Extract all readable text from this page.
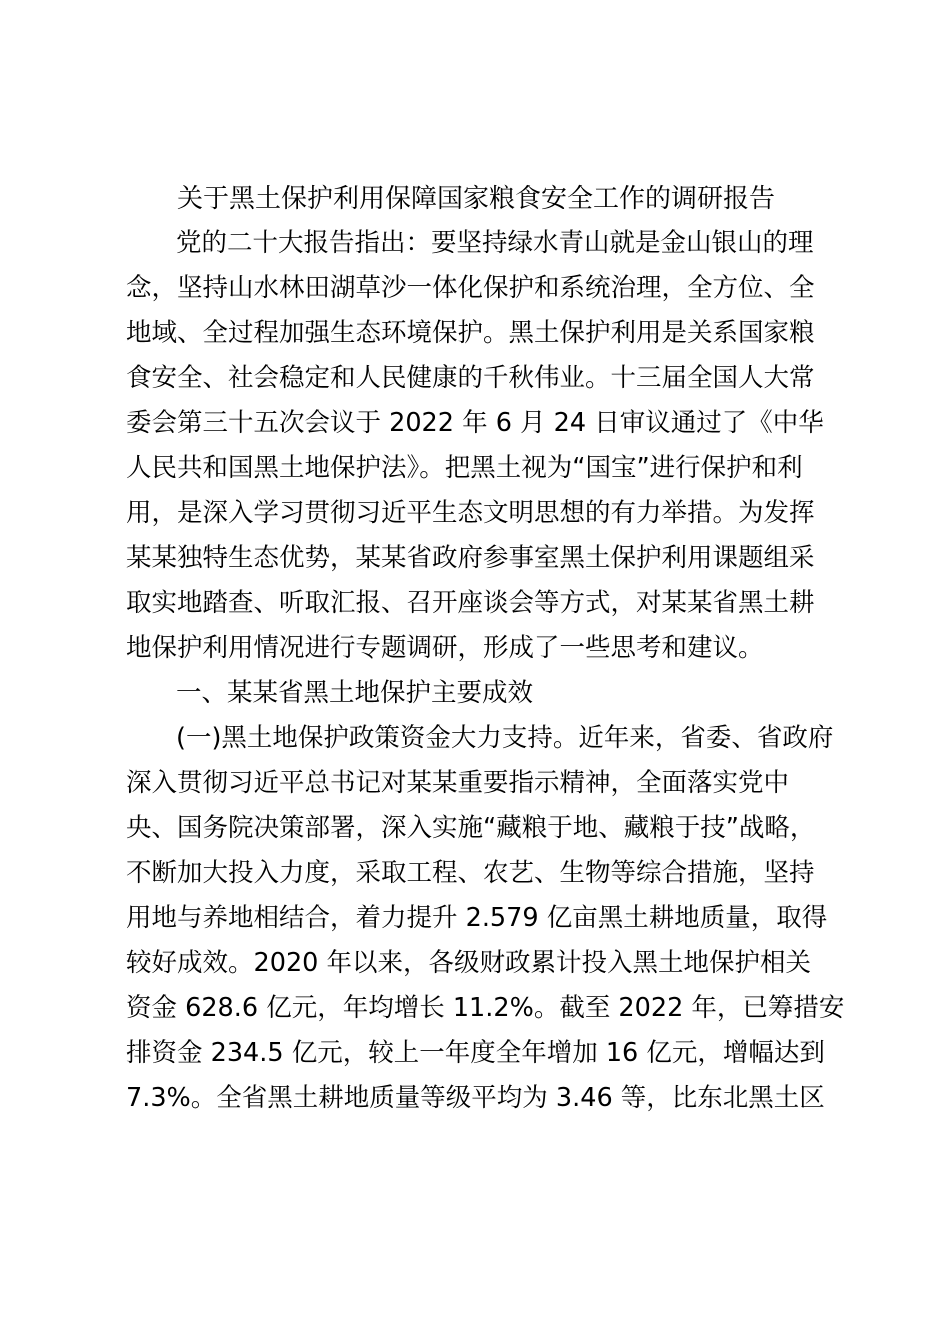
关于黑土保护利用保障国家粮食安全工作的调研报告
党的二十大报告指出：要坚持绿水青山就是金山银山的理
念，坚持山水林田湖草沙一体化保护和系统治理，全方位、全
地域、全过程加强生态环境保护。黑土保护利用是关系国家粮
食安全、社会稳定和人民健康的千秋伟业。十三届全国人大常
委会第三十五次会议于 2022 年 6 月 24 日审议通过了《中华
人民共和国黑土地保护法》。把黑土视为“国宝”进行保护和利
用，是深入学习贯彻习近平生态文明思想的有力举措。为发挥
某某独特生态优势，某某省政府参事室黑土保护利用课题组采
取实地踏查、听取汇报、召开座谈会等方式，对某某省黑土耕
地保护利用情况进行专题调研，形成了一些思考和建议。
一、某某省黑土地保护主要成效
(一)黑土地保护政策资金大力支持。近年来，省委、省政府
深入贯彻习近平总书记对某某重要指示精神，全面落实党中
央、国务院决策部署，深入实施“藏粮于地、藏粮于技”战略，
不断加大投入力度，采取工程、农艺、生物等综合措施，坚持
用地与养地相结合，着力提升 2.579 亿亩黑土耕地质量，取得
较好成效。2020 年以来，各级财政累计投入黑土地保护相关
资金 628.6 亿元，年均增长 11.2%。截至 2022 年，已筹措安
排资金 234.5 亿元，较上一年度全年增加 16 亿元，增幅达到
7.3%。全省黑土耕地质量等级平均为 3.46 等，比东北黑土区
